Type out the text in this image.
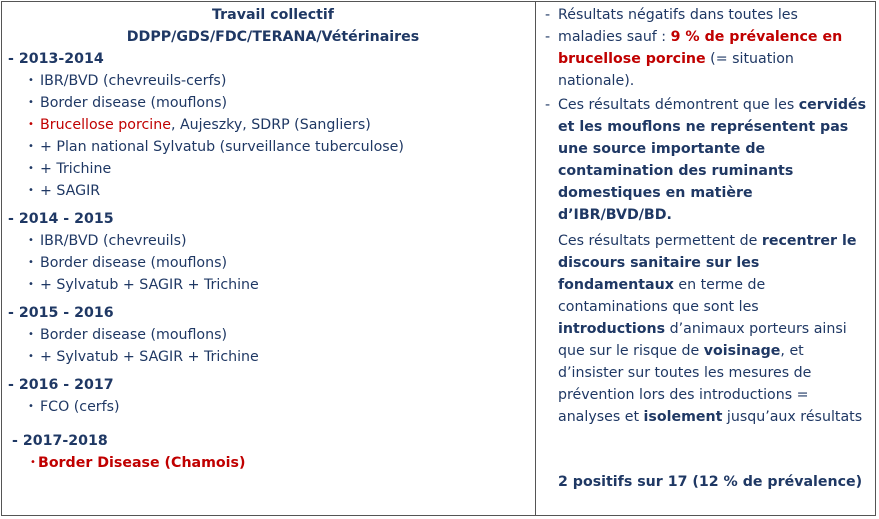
Travail collectif
DDPP/GDS/FDC/TERANA/Vétérinaires
- 2013-2014
• IBR/BVD (chevreuils-cerfs)
• Border disease (mouflons)
• Brucellose porcine, Aujeszky, SDRP (Sangliers)
• + Plan national Sylvatub (surveillance tuberculose)
• + Trichine
• + SAGIR
- 2014 - 2015
• IBR/BVD (chevreuils)
• Border disease (mouflons)
• + Sylvatub + SAGIR + Trichine
- 2015 - 2016
• Border disease (mouflons)
• + Sylvatub + SAGIR + Trichine
- 2016 - 2017
• FCO (cerfs)
- 2017-2018
• Border Disease (Chamois)
- Résultats négatifs dans toutes les
- maladies sauf : 9 % de prévalence en brucellose porcine (= situation nationale).
- Ces résultats démontrent que les cervidés et les mouflons ne représentent pas une source importante de contamination des ruminants domestiques en matière d’IBR/BVD/BD.
Ces résultats permettent de recentrer le discours sanitaire sur les fondamentaux en terme de contaminations que sont les introductions d’animaux porteurs ainsi que sur le risque de voisinage, et d’insister sur toutes les mesures de prévention lors des introductions = analyses et isolement jusqu’aux résultats
2 positifs sur 17 (12 % de prévalence)
